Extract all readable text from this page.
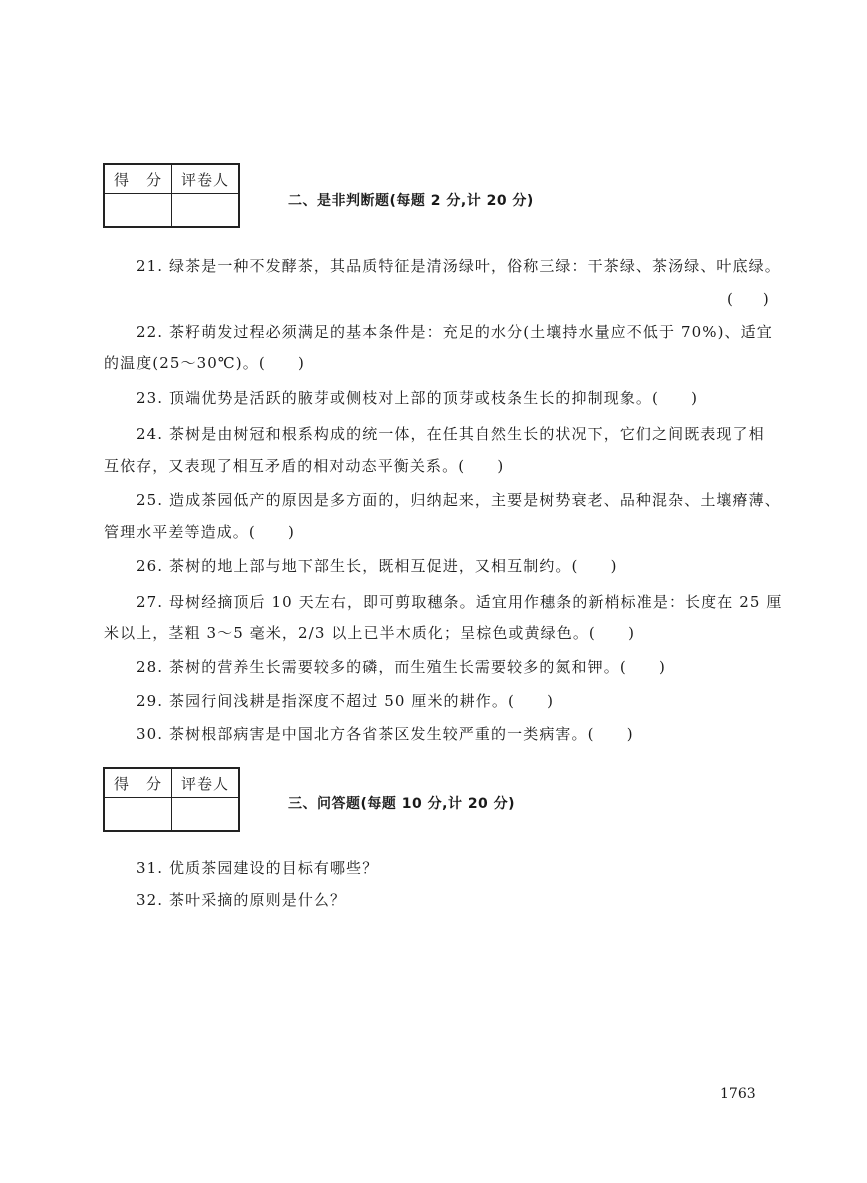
得　分	评卷人

二、是非判断题(每题 2 分,计 20 分)
21. 绿茶是一种不发酵茶，其品质特征是清汤绿叶，俗称三绿：干茶绿、茶汤绿、叶底绿。
(　　)
22. 茶籽萌发过程必须满足的基本条件是：充足的水分(土壤持水量应不低于 70%)、适宜
的温度(25～30℃)。(　　)
23. 顶端优势是活跃的腋芽或侧枝对上部的顶芽或枝条生长的抑制现象。(　　)
24. 茶树是由树冠和根系构成的统一体，在任其自然生长的状况下，它们之间既表现了相
互依存，又表现了相互矛盾的相对动态平衡关系。(　　)
25. 造成茶园低产的原因是多方面的，归纳起来，主要是树势衰老、品种混杂、土壤瘠薄、
管理水平差等造成。(　　)
26. 茶树的地上部与地下部生长，既相互促进，又相互制约。(　　)
27. 母树经摘顶后 10 天左右，即可剪取穗条。适宜用作穗条的新梢标准是：长度在 25 厘
米以上，茎粗 3～5 毫米，2/3 以上已半木质化；呈棕色或黄绿色。(　　)
28. 茶树的营养生长需要较多的磷，而生殖生长需要较多的氮和钾。(　　)
29. 茶园行间浅耕是指深度不超过 50 厘米的耕作。(　　)
30. 茶树根部病害是中国北方各省茶区发生较严重的一类病害。(　　)
得　分	评卷人

三、问答题(每题 10 分,计 20 分)
31. 优质茶园建设的目标有哪些？
32. 茶叶采摘的原则是什么？
1763
